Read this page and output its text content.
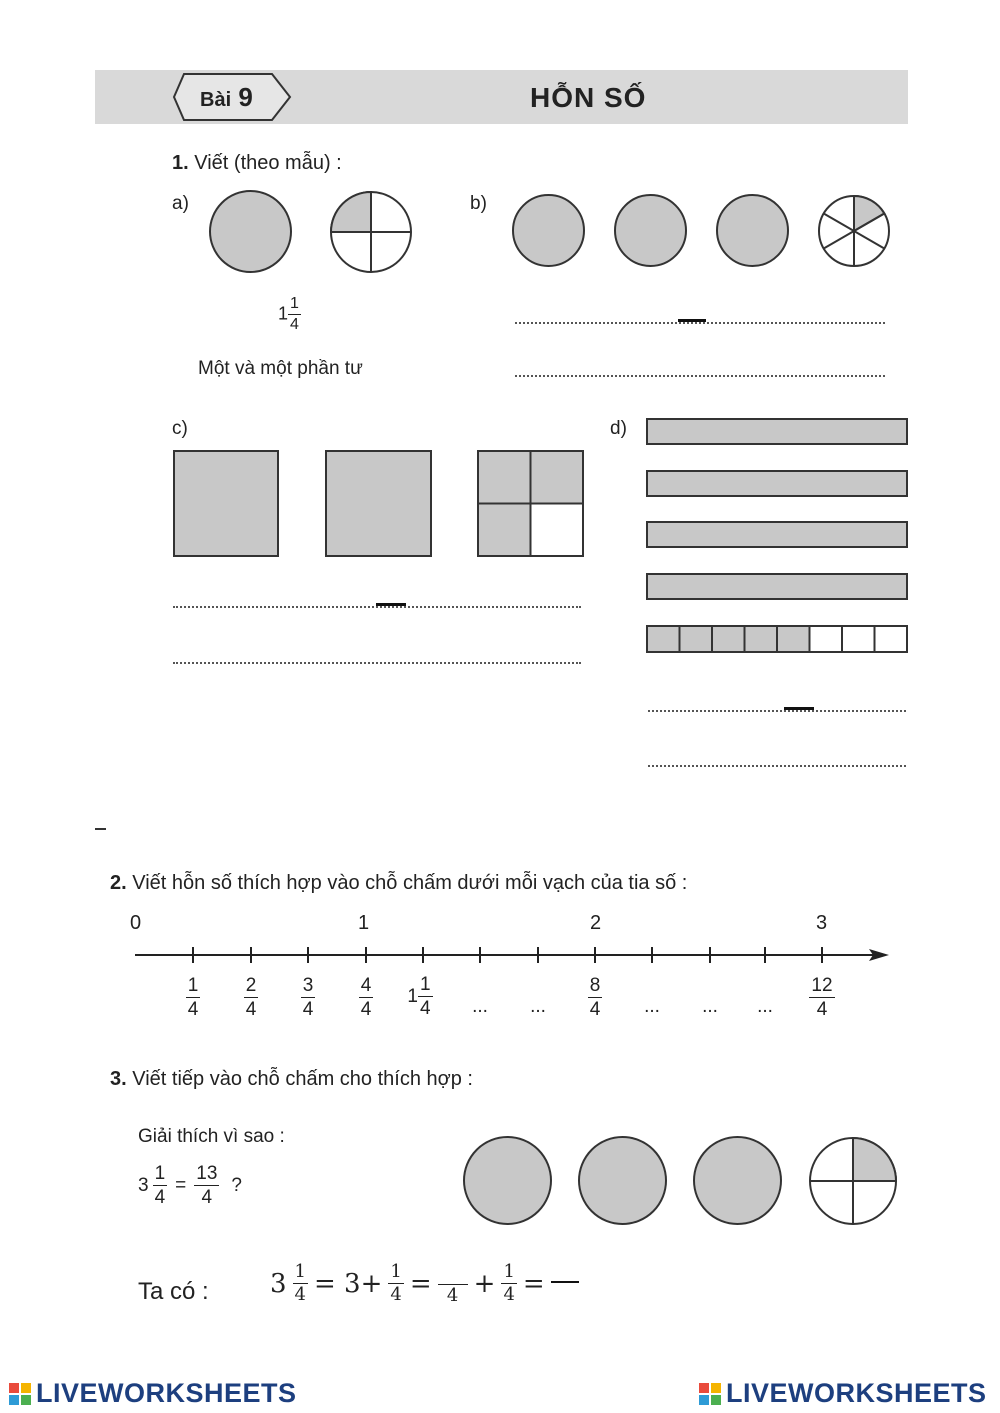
Bài 9	HỖN SỐ
1. Viết (theo mẫu) :
a)
$1 \frac{1}{4}$
Một và một phần tư
b)
c)	d)
2. Viết hỗn số thích hợp vào chỗ chấm dưới mỗi vạch của tia số :
0	1	2	3
$\frac{1}{4} \frac{2}{4} \frac{3}{4} \frac{4}{4} 1 \frac{1}{4}$	...	...	$\frac{8}{4}$	...	...	...	$\frac{12}{4}$
3. Viết tiếp vào chỗ chấm cho thích hợp :
Giải thích vì sao :
$3 \frac{1}{4} = \frac{13}{4}$ ?
Ta có : $3 \frac{1}{4} = 3+ \frac{1}{4} = 4 + \frac{1}{4}$ =
LIVEWORKSHEETS	LIVEWORKSHEETS
